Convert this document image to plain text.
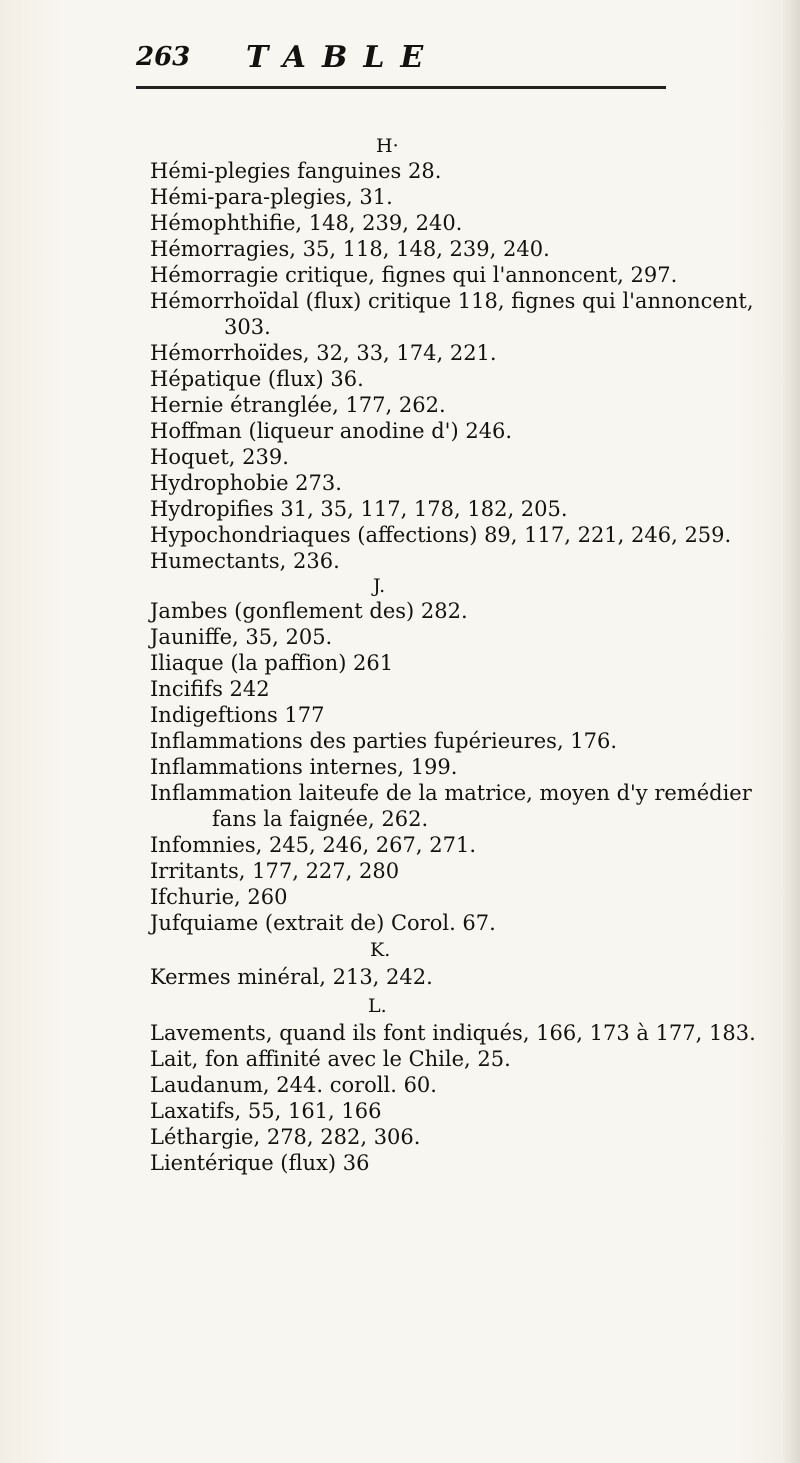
263 TABLE
H·
Hémi-plegies fanguines 28.
Hémi-para-plegies, 31.
Hémophthifie, 148, 239, 240.
Hémorragies, 35, 118, 148, 239, 240.
Hémorragie critique, fignes qui l'annoncent, 297.
Hémorrhoïdal (flux) critique 118, fignes qui l'annoncent,
303.
Hémorrhoïdes, 32, 33, 174, 221.
Hépatique (flux) 36.
Hernie étranglée, 177, 262.
Hoffman (liqueur anodine d') 246.
Hoquet, 239.
Hydrophobie 273.
Hydropifies 31, 35, 117, 178, 182, 205.
Hypochondriaques (affections) 89, 117, 221, 246, 259.
Humectants, 236.
J.
Jambes (gonflement des) 282.
Jauniffe, 35, 205.
Iliaque (la paffion) 261
Incififs 242
Indigeftions 177
Inflammations des parties fupérieures, 176.
Inflammations internes, 199.
Inflammation laiteufe de la matrice, moyen d'y remédier
fans la faignée, 262.
Infomnies, 245, 246, 267, 271.
Irritants, 177, 227, 280
Ifchurie, 260
Jufquiame (extrait de) Corol. 67.
K.
Kermes minéral, 213, 242.
L.
Lavements, quand ils font indiqués, 166, 173 à 177, 183.
Lait, fon affinité avec le Chile, 25.
Laudanum, 244. coroll. 60.
Laxatifs, 55, 161, 166
Léthargie, 278, 282, 306.
Lientérique (flux) 36
